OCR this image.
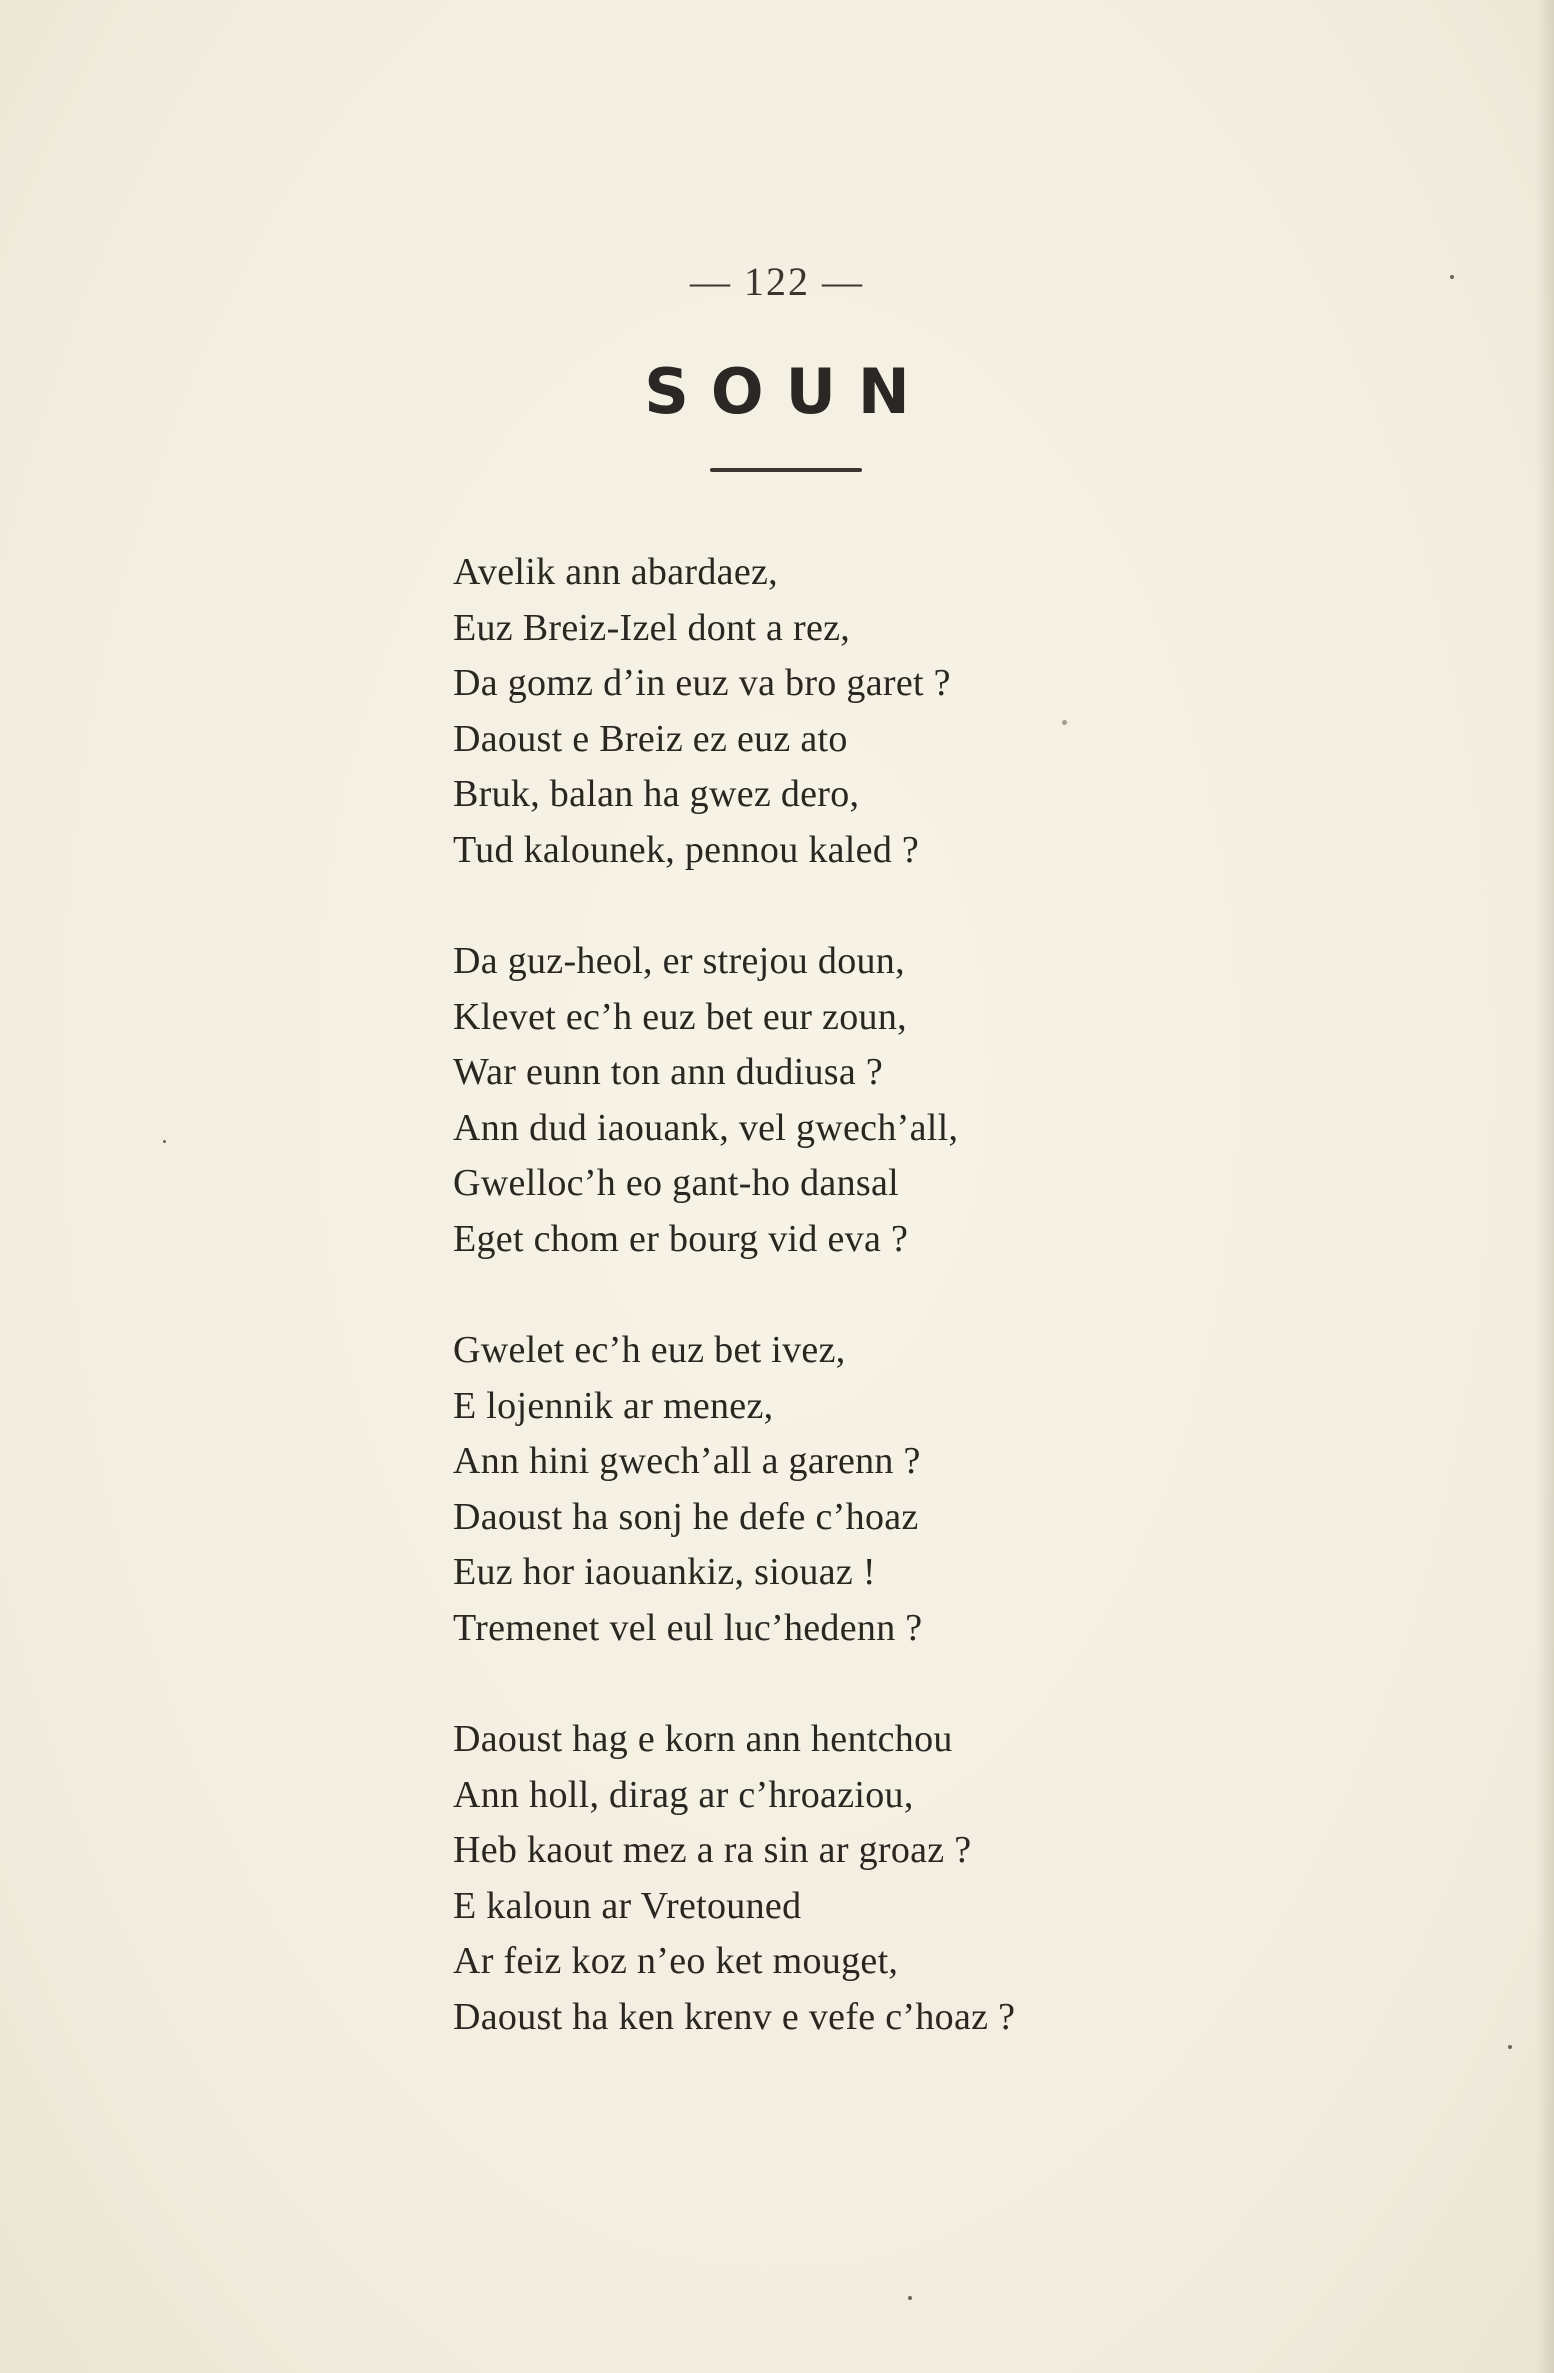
— 122 —
SOUN
Avelik ann abardaez,
Euz Breiz-Izel dont a rez,
Da gomz d’in euz va bro garet ?
Daoust e Breiz ez euz ato
Bruk, balan ha gwez dero,
Tud kalounek, pennou kaled ?
Da guz-heol, er strejou doun,
Klevet ec’h euz bet eur zoun,
War eunn ton ann dudiusa ?
Ann dud iaouank, vel gwech’all,
Gwelloc’h eo gant-ho dansal
Eget chom er bourg vid eva ?
Gwelet ec’h euz bet ivez,
E lojennik ar menez,
Ann hini gwech’all a garenn ?
Daoust ha sonj he defe c’hoaz
Euz hor iaouankiz, siouaz !
Tremenet vel eul luc’hedenn ?
Daoust hag e korn ann hentchou
Ann holl, dirag ar c’hroaziou,
Heb kaout mez a ra sin ar groaz ?
E kaloun ar Vretouned
Ar feiz koz n’eo ket mouget,
Daoust ha ken krenv e vefe c’hoaz ?
